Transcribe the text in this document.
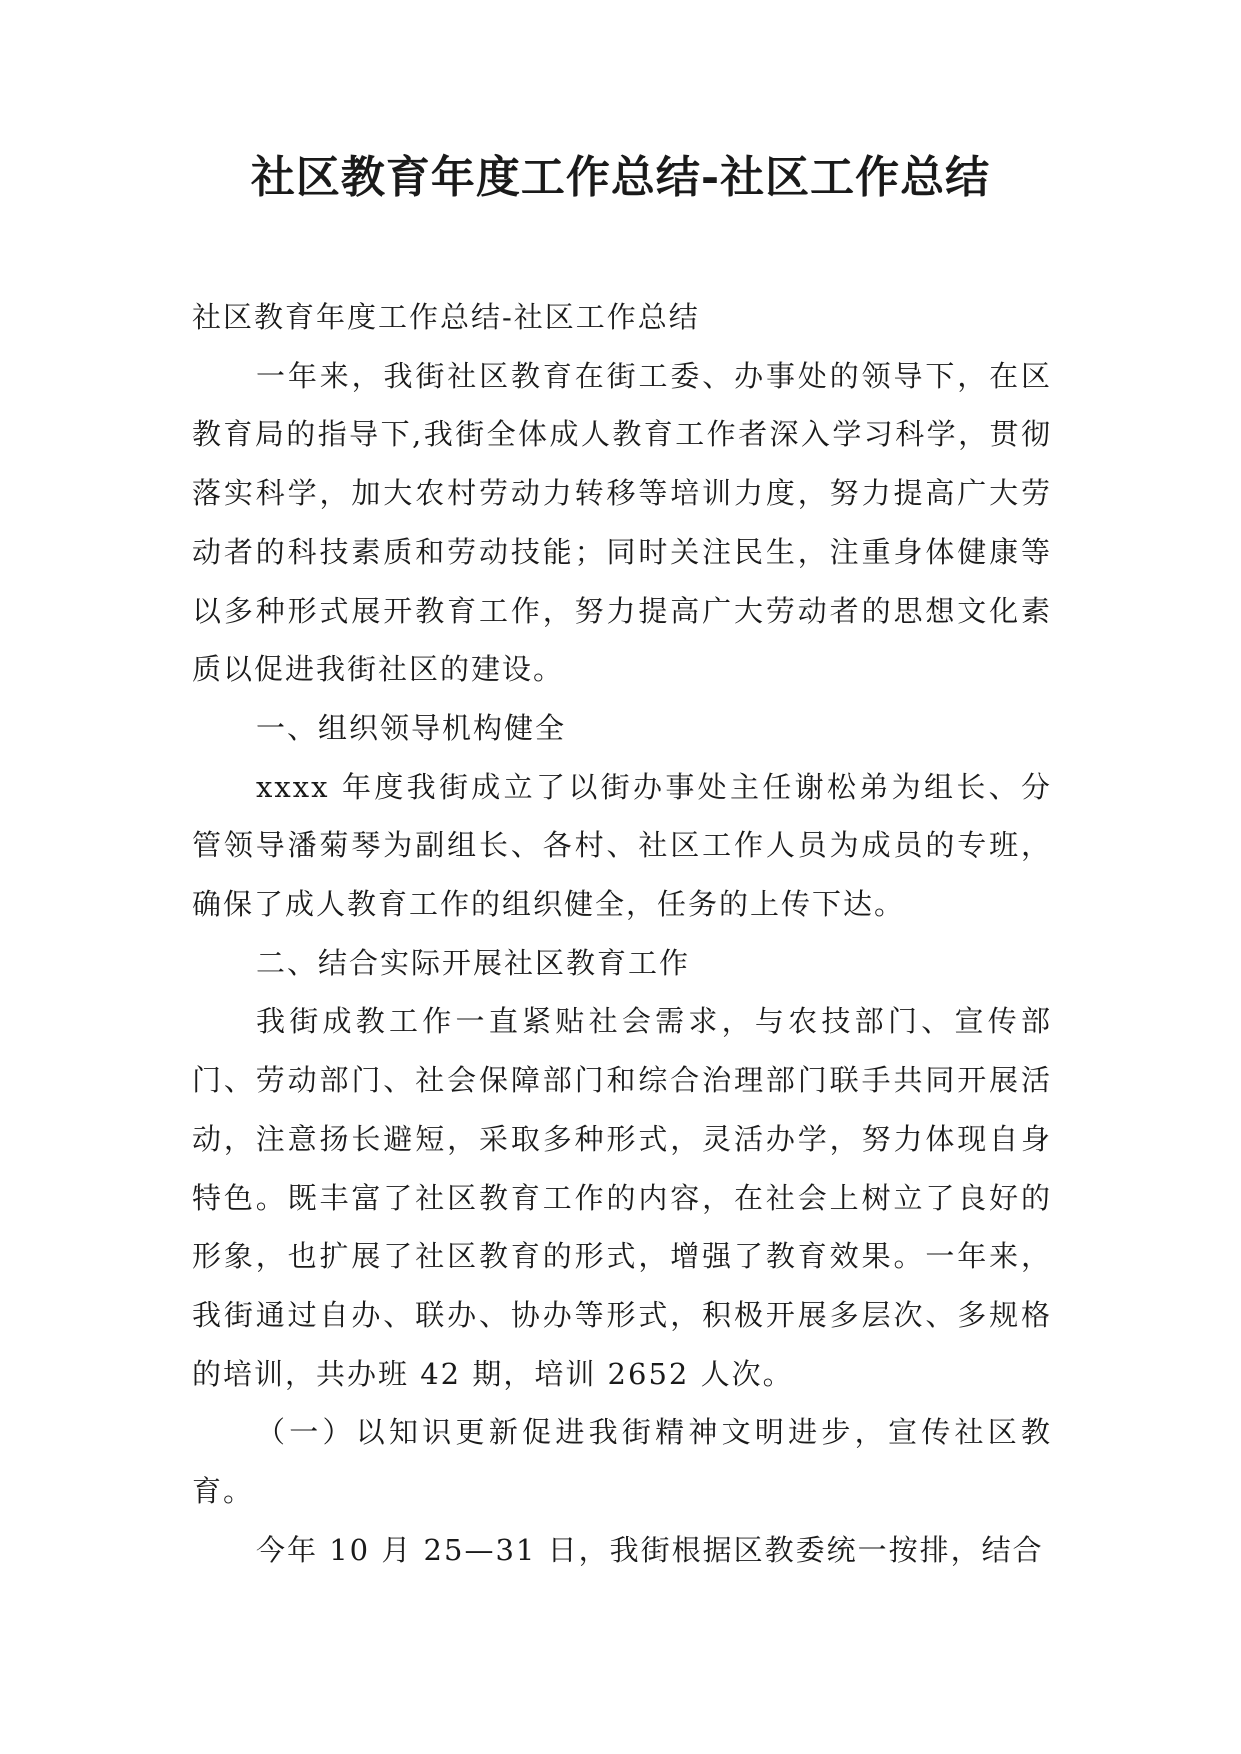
社区教育年度工作总结-社区工作总结

社区教育年度工作总结-社区工作总结

一年来，我街社区教育在街工委、办事处的领导下，在区教育局的指导下,我街全体成人教育工作者深入学习科学，贯彻落实科学，加大农村劳动力转移等培训力度，努力提高广大劳动者的科技素质和劳动技能；同时关注民生，注重身体健康等以多种形式展开教育工作，努力提高广大劳动者的思想文化素质以促进我街社区的建设。

一、组织领导机构健全

xxxx 年度我街成立了以街办事处主任谢松弟为组长、分管领导潘菊琴为副组长、各村、社区工作人员为成员的专班，确保了成人教育工作的组织健全，任务的上传下达。

二、结合实际开展社区教育工作

我街成教工作一直紧贴社会需求，与农技部门、宣传部门、劳动部门、社会保障部门和综合治理部门联手共同开展活动，注意扬长避短，采取多种形式，灵活办学，努力体现自身特色。既丰富了社区教育工作的内容，在社会上树立了良好的形象，也扩展了社区教育的形式，增强了教育效果。一年来，我街通过自办、联办、协办等形式，积极开展多层次、多规格的培训，共办班 42 期，培训 2652 人次。

（一）以知识更新促进我街精神文明进步，宣传社区教育。

今年 10 月 25—31 日，我街根据区教委统一按排，结合
